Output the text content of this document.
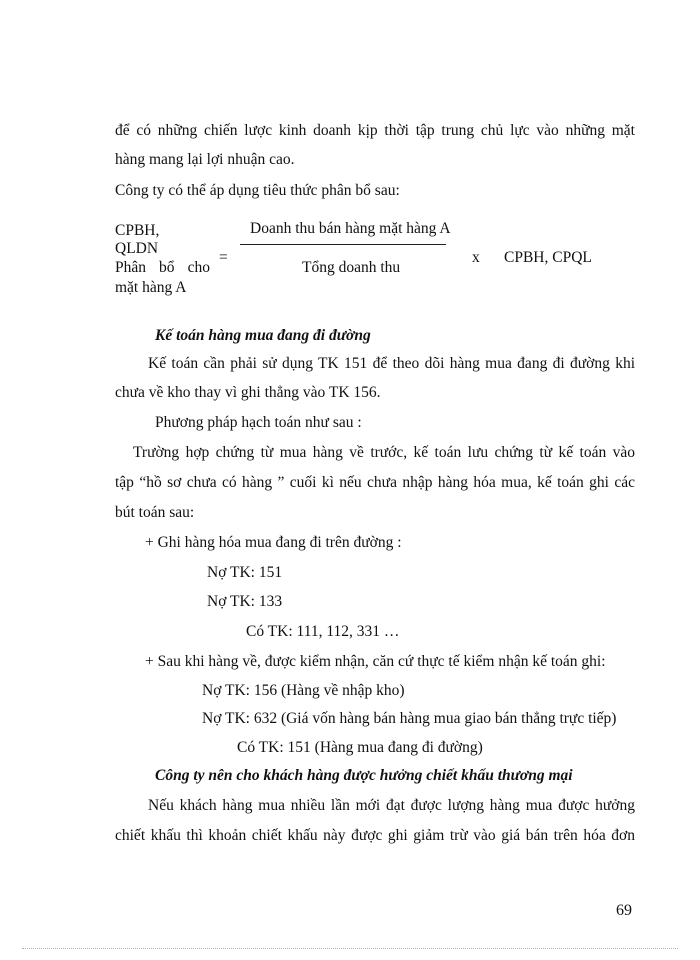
để có những chiến lược kinh doanh kịp thời tập trung chủ lực vào những mặt
hàng mang lại lợi nhuận cao.
Công ty có thể áp dụng tiêu thức phân bổ sau:
CPBH,
QLDN
Phân bổ cho
mặt hàng A
=
Doanh thu bán hàng mặt hàng A
Tổng doanh thu
x CPBH, CPQL
Kế toán hàng mua đang đi đường
Kế toán cần phải sử dụng TK 151 để theo dõi hàng mua đang đi đường khi
chưa về kho thay vì ghi thẳng vào TK 156.
Phương pháp hạch toán như sau :
Trường hợp chứng từ mua hàng về trước, kế toán lưu chứng từ kế toán vào
tập “hồ sơ chưa có hàng ” cuối kì nếu chưa nhập hàng hóa mua, kế toán ghi các
bút toán sau:
+ Ghi hàng hóa mua đang đi trên đường :
Nợ TK: 151
Nợ TK: 133
Có TK: 111, 112, 331 …
+ Sau khi hàng về, được kiểm nhận, căn cứ thực tế kiểm nhận kế toán ghi:
Nợ TK: 156 (Hàng về nhập kho)
Nợ TK: 632 (Giá vốn hàng bán hàng mua giao bán thẳng trực tiếp)
Có TK: 151 (Hàng mua đang đi đường)
Công ty nên cho khách hàng được hưởng chiết khấu thương mại
Nếu khách hàng mua nhiều lần mới đạt được lượng hàng mua được hưởng
chiết khấu thì khoản chiết khấu này được ghi giảm trừ vào giá bán trên hóa đơn
69
